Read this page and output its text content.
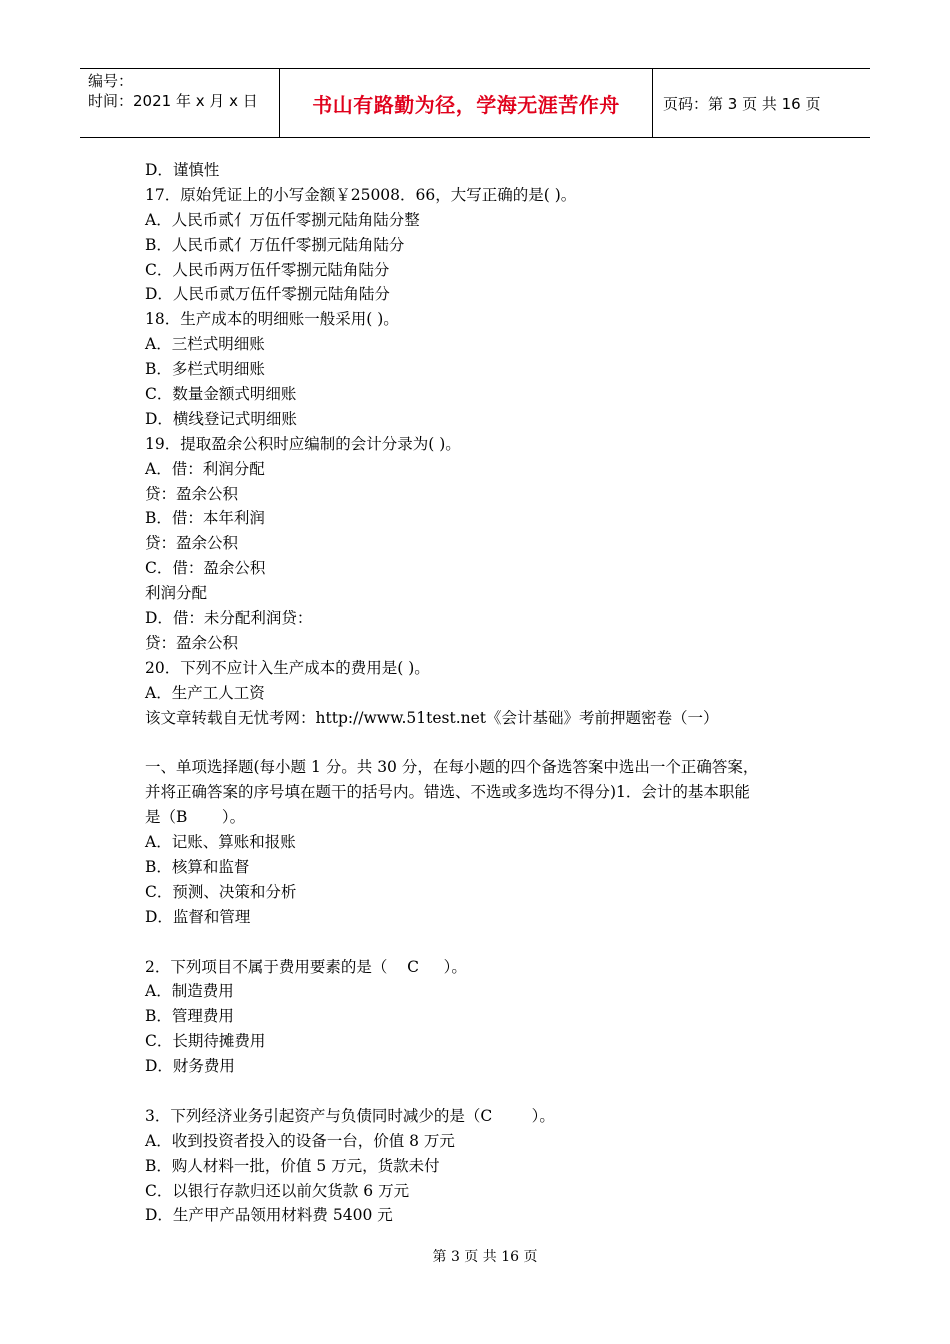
编号：
时间：2021 年 x 月 x 日	书山有路勤为径，学海无涯苦作舟	页码：第 3 页 共 16 页
D．谨慎性
17．原始凭证上的小写金额￥25008．66，大写正确的是( )。
A．人民币贰亻万伍仟零捌元陆角陆分整
B．人民币贰亻万伍仟零捌元陆角陆分
C．人民币两万伍仟零捌元陆角陆分
D．人民币贰万伍仟零捌元陆角陆分
18．生产成本的明细账一般采用( )。
A．三栏式明细账
B．多栏式明细账
C．数量金额式明细账
D．横线登记式明细账
19．提取盈余公积时应编制的会计分录为( )。
A．借：利润分配
贷：盈余公积
B．借：本年利润
贷：盈余公积
C．借：盈余公积
利润分配
D．借：未分配利润贷：
贷：盈余公积
20．下列不应计入生产成本的费用是( )。
A．生产工人工资
该文章转载自无忧考网：http://www.51test.net《会计基础》考前押题密卷（一）
一、单项选择题(每小题 1 分。共 30 分，在每小题的四个备选答案中选出一个正确答案，
并将正确答案的序号填在题干的括号内。错选、不选或多选均不得分)1．会计的基本职能
是（B       ）。
A．记账、算账和报账
B．核算和监督
C．预测、决策和分析
D．监督和管理
2．下列项目不属于费用要素的是（    C     ）。
A．制造费用
B．管理费用
C．长期待摊费用
D．财务费用
3．下列经济业务引起资产与负债同时减少的是（C        ）。
A．收到投资者投入的设备一台，价值 8 万元
B．购人材料一批，价值 5 万元，货款未付
C．以银行存款归还以前欠货款 6 万元
D．生产甲产品领用材料费 5400 元
第 3 页 共 16 页
